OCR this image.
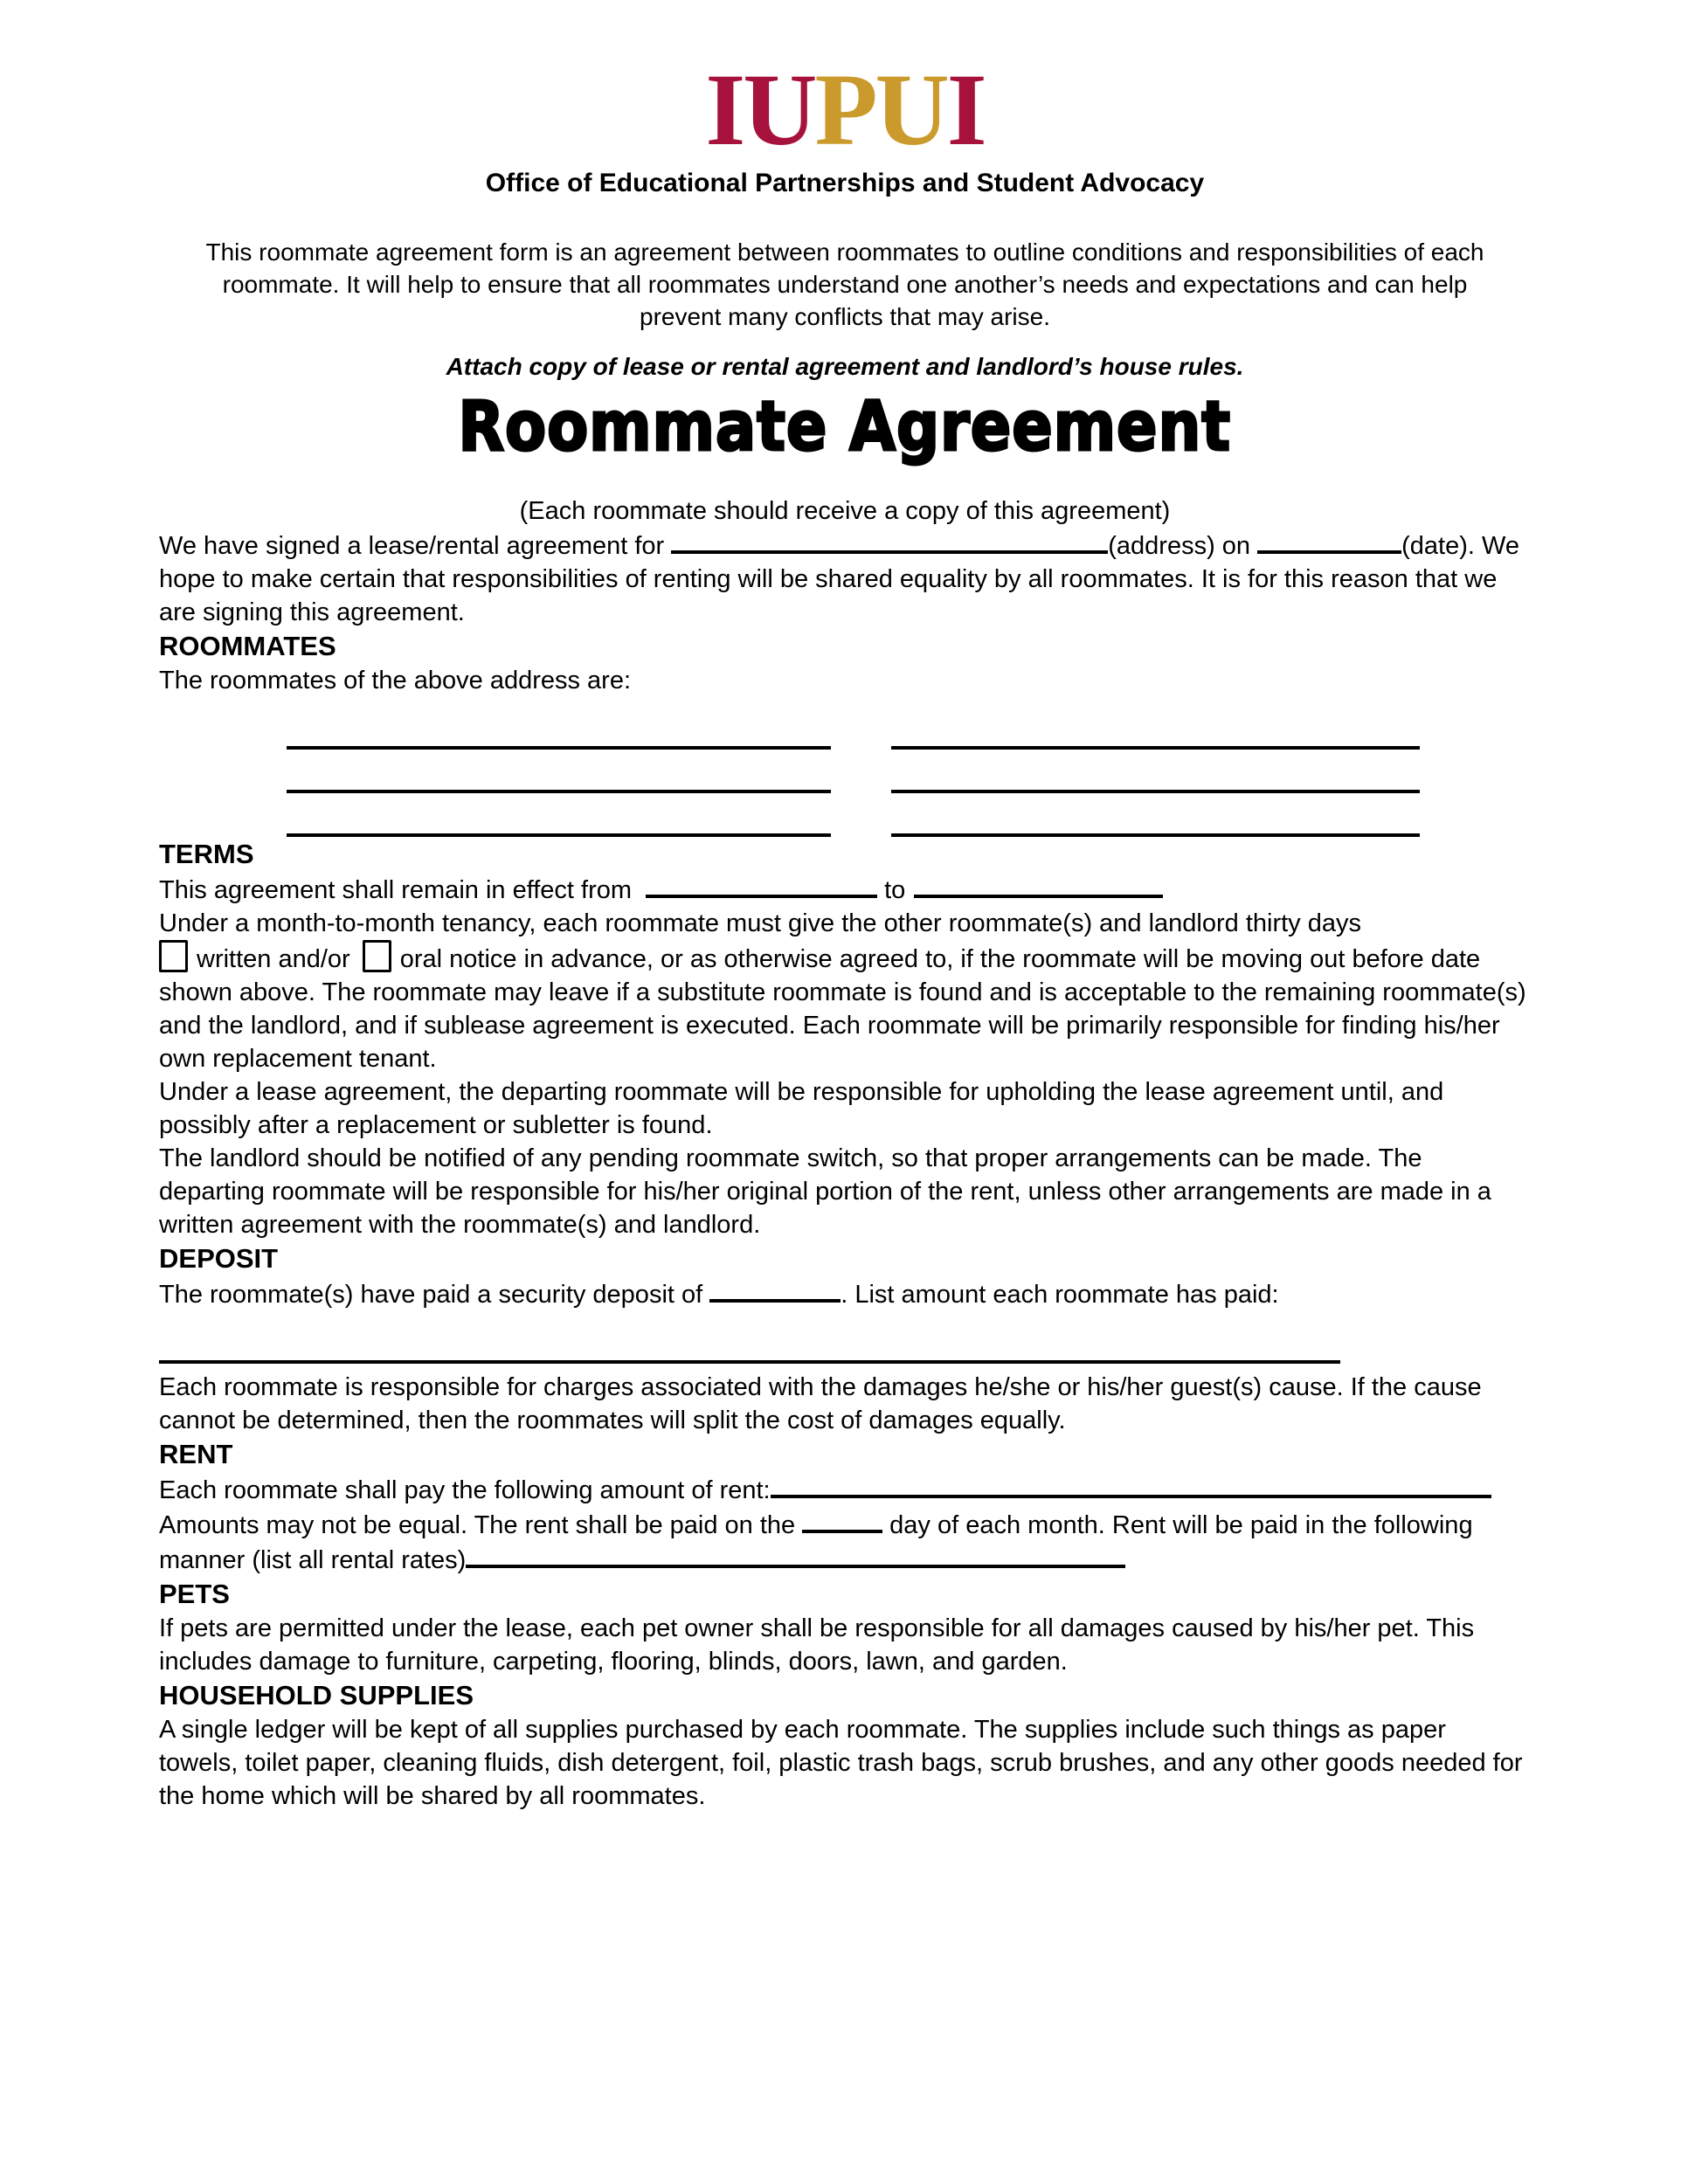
IUPUI
Office of Educational Partnerships and Student Advocacy

This roommate agreement form is an agreement between roommates to outline conditions and responsibilities of each roommate. It will help to ensure that all roommates understand one another’s needs and expectations and can help prevent many conflicts that may arise.

Attach copy of lease or rental agreement and landlord’s house rules.
Roommate Agreement
(Each roommate should receive a copy of this agreement)

We have signed a lease/rental agreement for	(address) on	(date). We hope to make certain that responsibilities of renting will be shared equality by all roommates. It is for this reason that we are signing this agreement.

ROOMMATES

The roommates of the above address are:

TERMS

This agreement shall remain in effect from	to

Under a month-to-month tenancy, each roommate must give the other roommate(s) and landlord thirty days
written and/or oral notice in advance, or as otherwise agreed to, if the roommate will be moving out before date shown above. The roommate may leave if a substitute roommate is found and is acceptable to the remaining roommate(s) and the landlord, and if sublease agreement is executed. Each roommate will be primarily responsible for finding his/her own replacement tenant.

Under a lease agreement, the departing roommate will be responsible for upholding the lease agreement until, and possibly after a replacement or subletter is found.

The landlord should be notified of any pending roommate switch, so that proper arrangements can be made. The departing roommate will be responsible for his/her original portion of the rent, unless other arrangements are made in a written agreement with the roommate(s) and landlord.

DEPOSIT

The roommate(s) have paid a security deposit of	. List amount each roommate has paid:

Each roommate is responsible for charges associated with the damages he/she or his/her guest(s) cause. If the cause cannot be determined, then the roommates will split the cost of damages equally.

RENT

Each roommate shall pay the following amount of rent:
Amounts may not be equal. The rent shall be paid on the	day of each month. Rent will be paid in the following
manner (list all rental rates)

PETS

If pets are permitted under the lease, each pet owner shall be responsible for all damages caused by his/her pet. This includes damage to furniture, carpeting, flooring, blinds, doors, lawn, and garden.

HOUSEHOLD SUPPLIES

A single ledger will be kept of all supplies purchased by each roommate. The supplies include such things as paper towels, toilet paper, cleaning fluids, dish detergent, foil, plastic trash bags, scrub brushes, and any other goods needed for the home which will be shared by all roommates.
